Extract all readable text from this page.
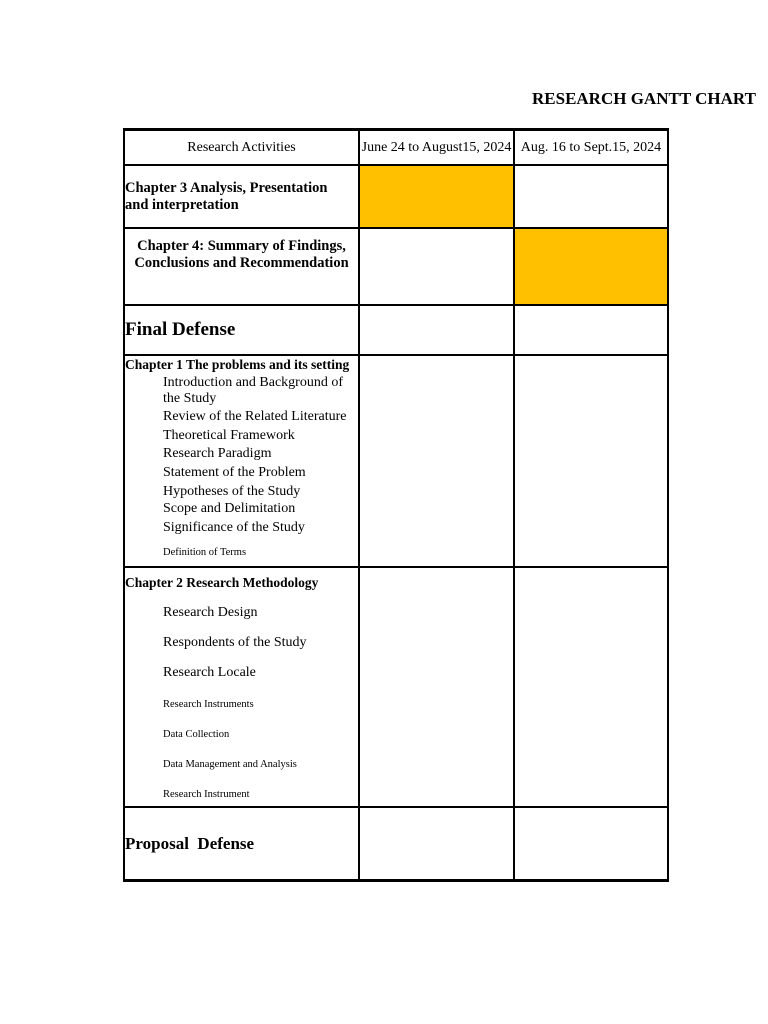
RESEARCH GANTT CHART
Research Activities	June 24 to August15, 2024 Aug. 16 to Sept.15, 2024
Chapter 3 Analysis, Presentation and interpretation
Chapter 4: Summary of Findings, Conclusions and Recommendation
Final Defense
Chapter 1 The problems and its setting
Introduction and Background of the Study
Review of the Related Literature
Theoretical Framework
Research Paradigm
Statement of the Problem
Hypotheses of the Study
Scope and Delimitation
Significance of the Study
Definition of Terms
Chapter 2 Research Methodology
Research Design
Respondents of the Study
Research Locale
Research Instruments
Data Collection
Data Management and Analysis
Research Instrument
Proposal  Defense
